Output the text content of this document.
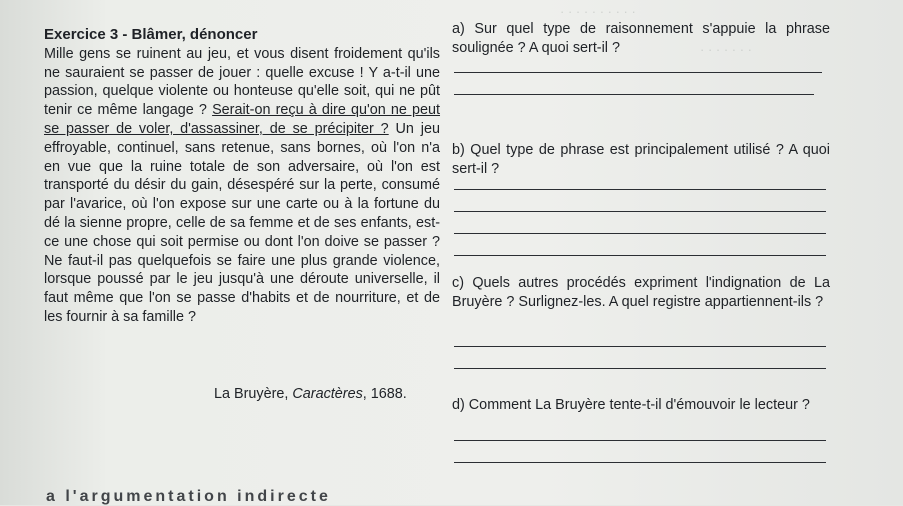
· · · · · · · · · ·
· · · · · · ·
Exercice 3 - Blâmer, dénoncer

Mille gens se ruinent au jeu, et vous disent froidement qu'ils ne sauraient se passer de jouer : quelle excuse ! Y a-t-il une passion, quelque violente ou honteuse qu'elle soit, qui ne pût tenir ce même langage ? Serait-on reçu à dire qu'on ne peut se passer de voler, d'assassiner, de se précipiter ? Un jeu effroyable, continuel, sans retenue, sans bornes, où l'on n'a en vue que la ruine totale de son adversaire, où l'on est transporté du désir du gain, désespéré sur la perte, consumé par l'avarice, où l'on expose sur une carte ou à la fortune du dé la sienne propre, celle de sa femme et de ses enfants, est-ce une chose qui soit permise ou dont l'on doive se passer ? Ne faut-il pas quelquefois se faire une plus grande violence, lorsque poussé par le jeu jusqu'à une déroute universelle, il faut même que l'on se passe d'habits et de nourriture, et de les fournir à sa famille ?

La Bruyère, Caractères, 1688.
a) Sur quel type de raisonnement s'appuie la phrase soulignée ? A quoi sert-il ?
b) Quel type de phrase est principalement utilisé ? A quoi sert-il ?
c) Quels autres procédés expriment l'indignation de La Bruyère ? Surlignez-les. A quel registre appartiennent-ils ?
d) Comment La Bruyère tente-t-il d'émouvoir le lecteur ?
a l'argumentation indirecte
